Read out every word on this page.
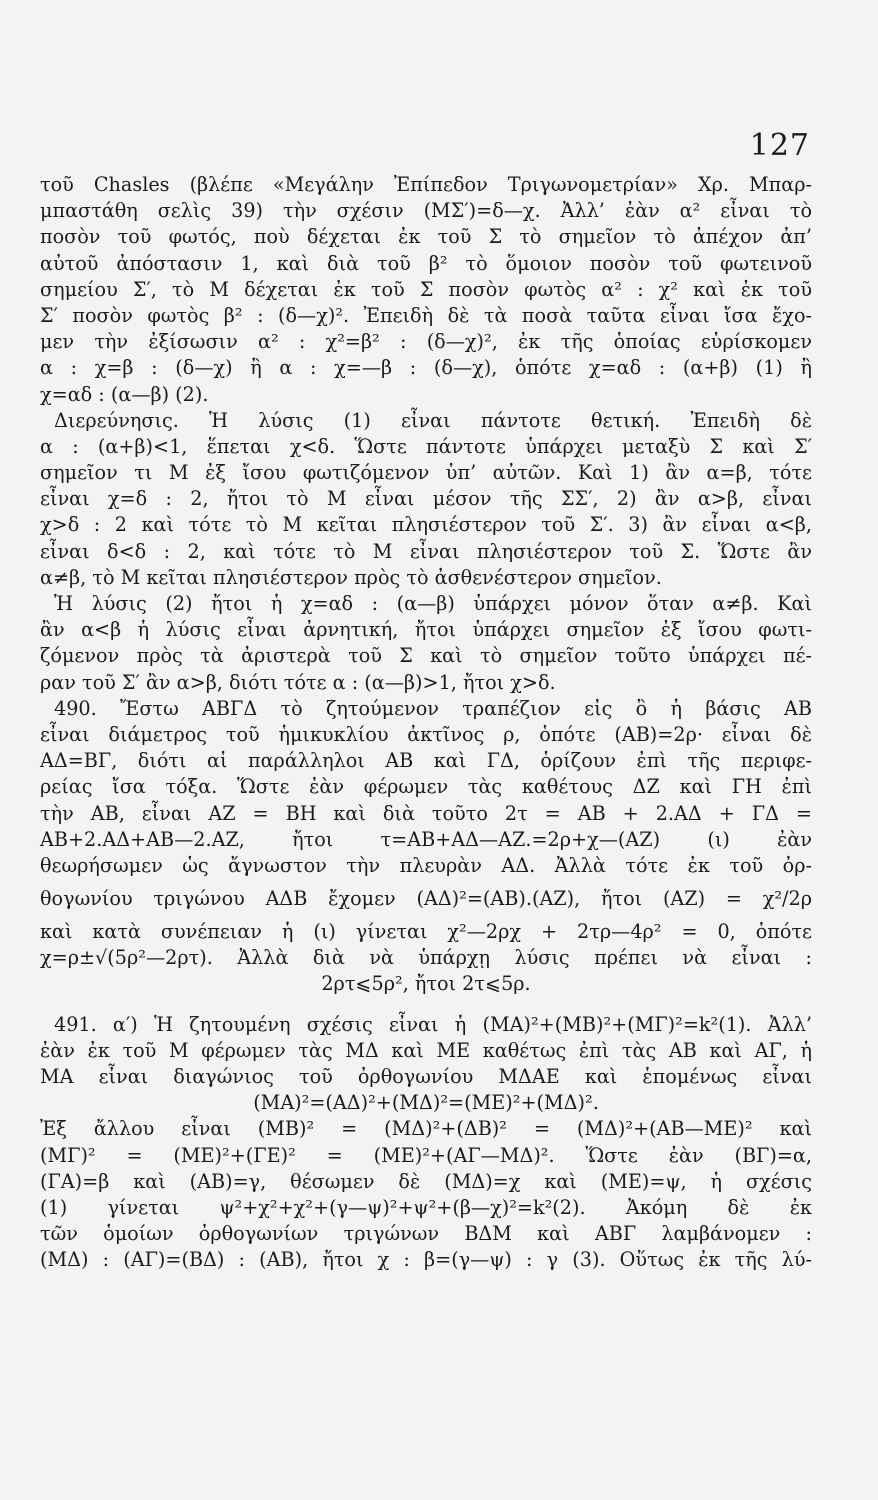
127
τοῦ Chasles (βλέπε «Μεγάλην Ἐπίπεδον Τριγωνομετρίαν» Χρ. Μπαρ-
μπαστάθη σελὶς 39) τὴν σχέσιν (ΜΣ′)=δ—χ. Ἀλλ’ ἐὰν α² εἶναι τὸ
ποσὸν τοῦ φωτός, ποὺ δέχεται ἐκ τοῦ Σ τὸ σημεῖον τὸ ἀπέχον ἀπ’
αὐτοῦ ἀπόστασιν 1, καὶ διὰ τοῦ β² τὸ ὅμοιον ποσὸν τοῦ φωτεινοῦ
σημείου Σ′, τὸ Μ δέχεται ἐκ τοῦ Σ ποσὸν φωτὸς α² : χ² καὶ ἐκ τοῦ
Σ′ ποσὸν φωτὸς β² : (δ—χ)². Ἐπειδὴ δὲ τὰ ποσὰ ταῦτα εἶναι ἴσα ἔχο-
μεν τὴν ἐξίσωσιν α² : χ²=β² : (δ—χ)², ἐκ τῆς ὁποίας εὑρίσκομεν
α : χ=β : (δ—χ) ἢ α : χ=—β : (δ—χ), ὁπότε χ=αδ : (α+β) (1) ἢ
χ=αδ : (α—β) (2).
Διερεύνησις. Ἡ λύσις (1) εἶναι πάντοτε θετική. Ἐπειδὴ δὲ
α : (α+β)<1, ἕπεται χ<δ. Ὥστε πάντοτε ὑπάρχει μεταξὺ Σ καὶ Σ′
σημεῖον τι Μ ἐξ ἴσου φωτιζόμενον ὑπ’ αὐτῶν. Καὶ 1) ἂν α=β, τότε
εἶναι χ=δ : 2, ἤτοι τὸ Μ εἶναι μέσον τῆς ΣΣ′, 2) ἂν α>β, εἶναι
χ>δ : 2 καὶ τότε τὸ Μ κεῖται πλησιέστερον τοῦ Σ′. 3) ἂν εἶναι α<β,
εἶναι δ<δ : 2, καὶ τότε τὸ Μ εἶναι πλησιέστερον τοῦ Σ. Ὥστε ἂν
α≠β, τὸ Μ κεῖται πλησιέστερον πρὸς τὸ ἀσθενέστερον σημεῖον.
Ἡ λύσις (2) ἤτοι ἡ χ=αδ : (α—β) ὑπάρχει μόνον ὅταν α≠β. Καὶ
ἂν α<β ἡ λύσις εἶναι ἀρνητική, ἤτοι ὑπάρχει σημεῖον ἐξ ἴσου φωτι-
ζόμενον πρὸς τὰ ἀριστερὰ τοῦ Σ καὶ τὸ σημεῖον τοῦτο ὑπάρχει πέ-
ραν τοῦ Σ′ ἂν α>β, διότι τότε α : (α—β)>1, ἤτοι χ>δ.
490. Ἔστω ΑΒΓΔ τὸ ζητούμενον τραπέζιον εἰς ὃ ἡ βάσις ΑΒ
εἶναι διάμετρος τοῦ ἡμικυκλίου ἀκτῖνος ρ, ὁπότε (ΑΒ)=2ρ· εἶναι δὲ
ΑΔ=ΒΓ, διότι αἱ παράλληλοι ΑΒ καὶ ΓΔ, ὁρίζουν ἐπὶ τῆς περιφε-
ρείας ἴσα τόξα. Ὥστε ἐὰν φέρωμεν τὰς καθέτους ΔΖ καὶ ΓΗ ἐπὶ
τὴν ΑΒ, εἶναι ΑΖ = ΒΗ καὶ διὰ τοῦτο 2τ = ΑΒ + 2.ΑΔ + ΓΔ =
ΑΒ+2.ΑΔ+ΑΒ—2.ΑΖ, ἤτοι τ=ΑΒ+ΑΔ—ΑΖ.=2ρ+χ—(ΑΖ) (ι) ἐὰν
θεωρήσωμεν ὡς ἄγνωστον τὴν πλευρὰν ΑΔ. Ἀλλὰ τότε ἐκ τοῦ ὀρ-
θογωνίου τριγώνου ΑΔΒ ἔχομεν (ΑΔ)²=(ΑΒ).(ΑΖ), ἤτοι (ΑΖ) = χ²/2ρ
καὶ κατὰ συνέπειαν ἡ (ι) γίνεται χ²—2ρχ + 2τρ—4ρ² = 0, ὁπότε
χ=ρ±√(5ρ²—2ρτ). Ἀλλὰ διὰ νὰ ὑπάρχῃ λύσις πρέπει νὰ εἶναι :
2ρτ⩽5ρ², ἤτοι 2τ⩽5ρ.
491. α′) Ἡ ζητουμένη σχέσις εἶναι ἡ (ΜΑ)²+(ΜΒ)²+(ΜΓ)²=k²(1). Ἀλλ’
ἐὰν ἐκ τοῦ Μ φέρωμεν τὰς ΜΔ καὶ ΜΕ καθέτως ἐπὶ τὰς ΑΒ καὶ ΑΓ, ἡ
ΜΑ εἶναι διαγώνιος τοῦ ὀρθογωνίου ΜΔΑΕ καὶ ἑπομένως εἶναι
(ΜΑ)²=(ΑΔ)²+(ΜΔ)²=(ΜΕ)²+(ΜΔ)².
Ἐξ ἄλλου εἶναι (ΜΒ)² = (ΜΔ)²+(ΔΒ)² = (ΜΔ)²+(ΑΒ—ΜΕ)² καὶ
(ΜΓ)² = (ΜΕ)²+(ΓΕ)² = (ΜΕ)²+(ΑΓ—ΜΔ)². Ὥστε ἐὰν (ΒΓ)=α,
(ΓΑ)=β καὶ (ΑΒ)=γ, θέσωμεν δὲ (ΜΔ)=χ καὶ (ΜΕ)=ψ, ἡ σχέσις
(1) γίνεται ψ²+χ²+χ²+(γ—ψ)²+ψ²+(β—χ)²=k²(2). Ἀκόμη δὲ ἐκ
τῶν ὁμοίων ὀρθογωνίων τριγώνων ΒΔΜ καὶ ΑΒΓ λαμβάνομεν :
(ΜΔ) : (ΑΓ)=(ΒΔ) : (ΑΒ), ἤτοι χ : β=(γ—ψ) : γ (3). Οὕτως ἐκ τῆς λύ-
